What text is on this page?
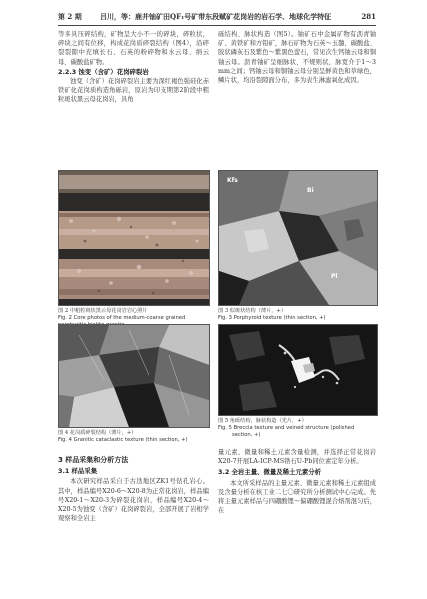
第 2 期	吕川，等：鹿井铀矿田QF₁号矿带东段赋矿花岗岩的岩石学、地球化学特征	281

等多具压碎结构，矿物呈大小不一的碎块，碎粒状，碎块之间有位移，构成花岗质碎裂结构（图4），沿碎裂裂隙中充填长石、石英的粉碎物和水云母、绢云母、碳酸盐矿物。

2.2.3 蚀变（含矿）花岗碎裂岩

蚀变（含矿）花岗碎裂岩主要为深红褐色强硅化赤铁矿化花岗质构造角砾岩，原岩为印支期第2阶段中粗粒斑状黑云母花岗岩，具角

砾结构、脉状构造（图5）。铀矿石中金属矿物有沥青铀矿、黄铁矿和方铅矿，脉石矿物为石英～玉髓、碳酸盐、胶状磷灰石及紫色～紫黑色萤石，常见次生钙铀云母和铜铀云母。沥青铀矿呈细脉状、不规则状，脉宽介于1～3 mm之间；钙铀云母和铜铀云母分别呈鲜黄色和草绿色，鳞片状，均沿裂隙面分布，多为表生淋滤氧化成因。

图 2 中粗粒斑状黑云母花岗岩岩心照片

Fig. 2 Core photos of the medium-coarse grained

Kfs
Bi
Pl

图 3 似斑状结构（薄片，+）

Fig. 3 Porphyroid texture (thin section, +)

图 4 花岗质碎裂结构（薄片，+）

Fig. 4 Granitic cataclastic texture (thin section, +)

图 5 角砾结构，脉状构造（光片，+）

Fig. 5 Breccia texture and veined structure (polished

section, +)

3 样品采集和分析方法

3.1 样品采集

本次研究样品采自于古迭地区ZK1号钻孔岩心。其中，样品编号X20-6～X20-8为正常花岗岩，样品编号X20-1～X20-3为碎裂花岗岩，样品编号X20-4～X20-5为蚀变（含矿）花岗碎裂岩，全部开展了岩相学观察和全岩主

量元素、微量和稀土元素含量检测，并选择正常花岗岩X20-7开展LA-ICP-MS锆石U-Pb同位素定年分析。

3.2 全岩主量、微量及稀土元素分析

本文所采样品的主量元素、微量元素和稀土元素组成及含量分析在核工业二七〇研究所分析测试中心完成。先将主量元素样品与四硼酸锂～偏硼酸锂混合熔剂混匀后，在
